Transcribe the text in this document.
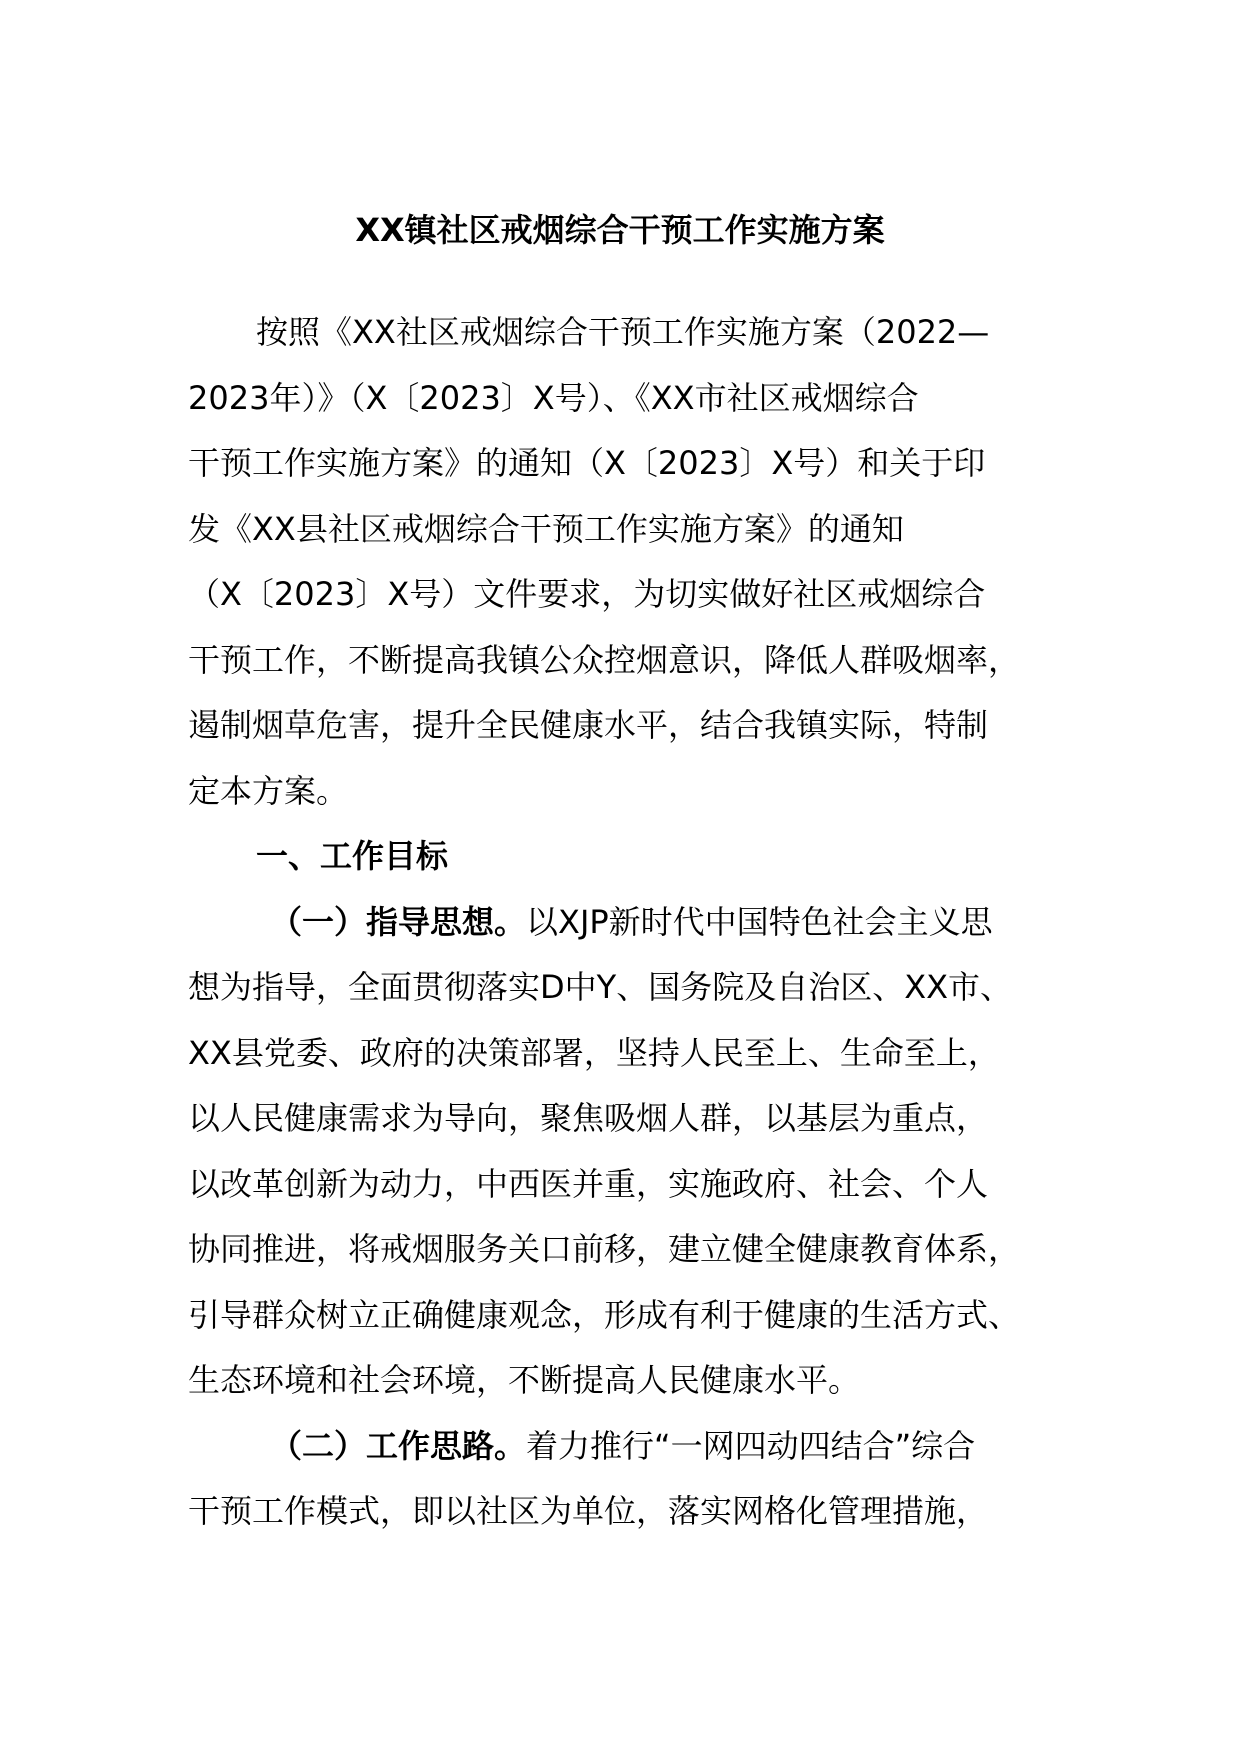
XX镇社区戒烟综合干预工作实施方案
按照《XX社区戒烟综合干预工作实施方案（2022—
2023年）》（X〔2023〕X号）、《XX市社区戒烟综合
干预工作实施方案》的通知（X〔2023〕X号）和关于印
发《XX县社区戒烟综合干预工作实施方案》的通知
（X〔2023〕X号）文件要求，为切实做好社区戒烟综合
干预工作，不断提高我镇公众控烟意识，降低人群吸烟率，
遏制烟草危害，提升全民健康水平，结合我镇实际，特制
定本方案。
一、工作目标
（一）指导思想。以XJP新时代中国特色社会主义思
想为指导，全面贯彻落实D中Y、国务院及自治区、XX市、
XX县党委、政府的决策部署，坚持人民至上、生命至上，
以人民健康需求为导向，聚焦吸烟人群，以基层为重点，
以改革创新为动力，中西医并重，实施政府、社会、个人
协同推进，将戒烟服务关口前移，建立健全健康教育体系，
引导群众树立正确健康观念，形成有利于健康的生活方式、
生态环境和社会环境，不断提高人民健康水平。
（二）工作思路。着力推行“一网四动四结合”综合
干预工作模式，即以社区为单位，落实网格化管理措施，
